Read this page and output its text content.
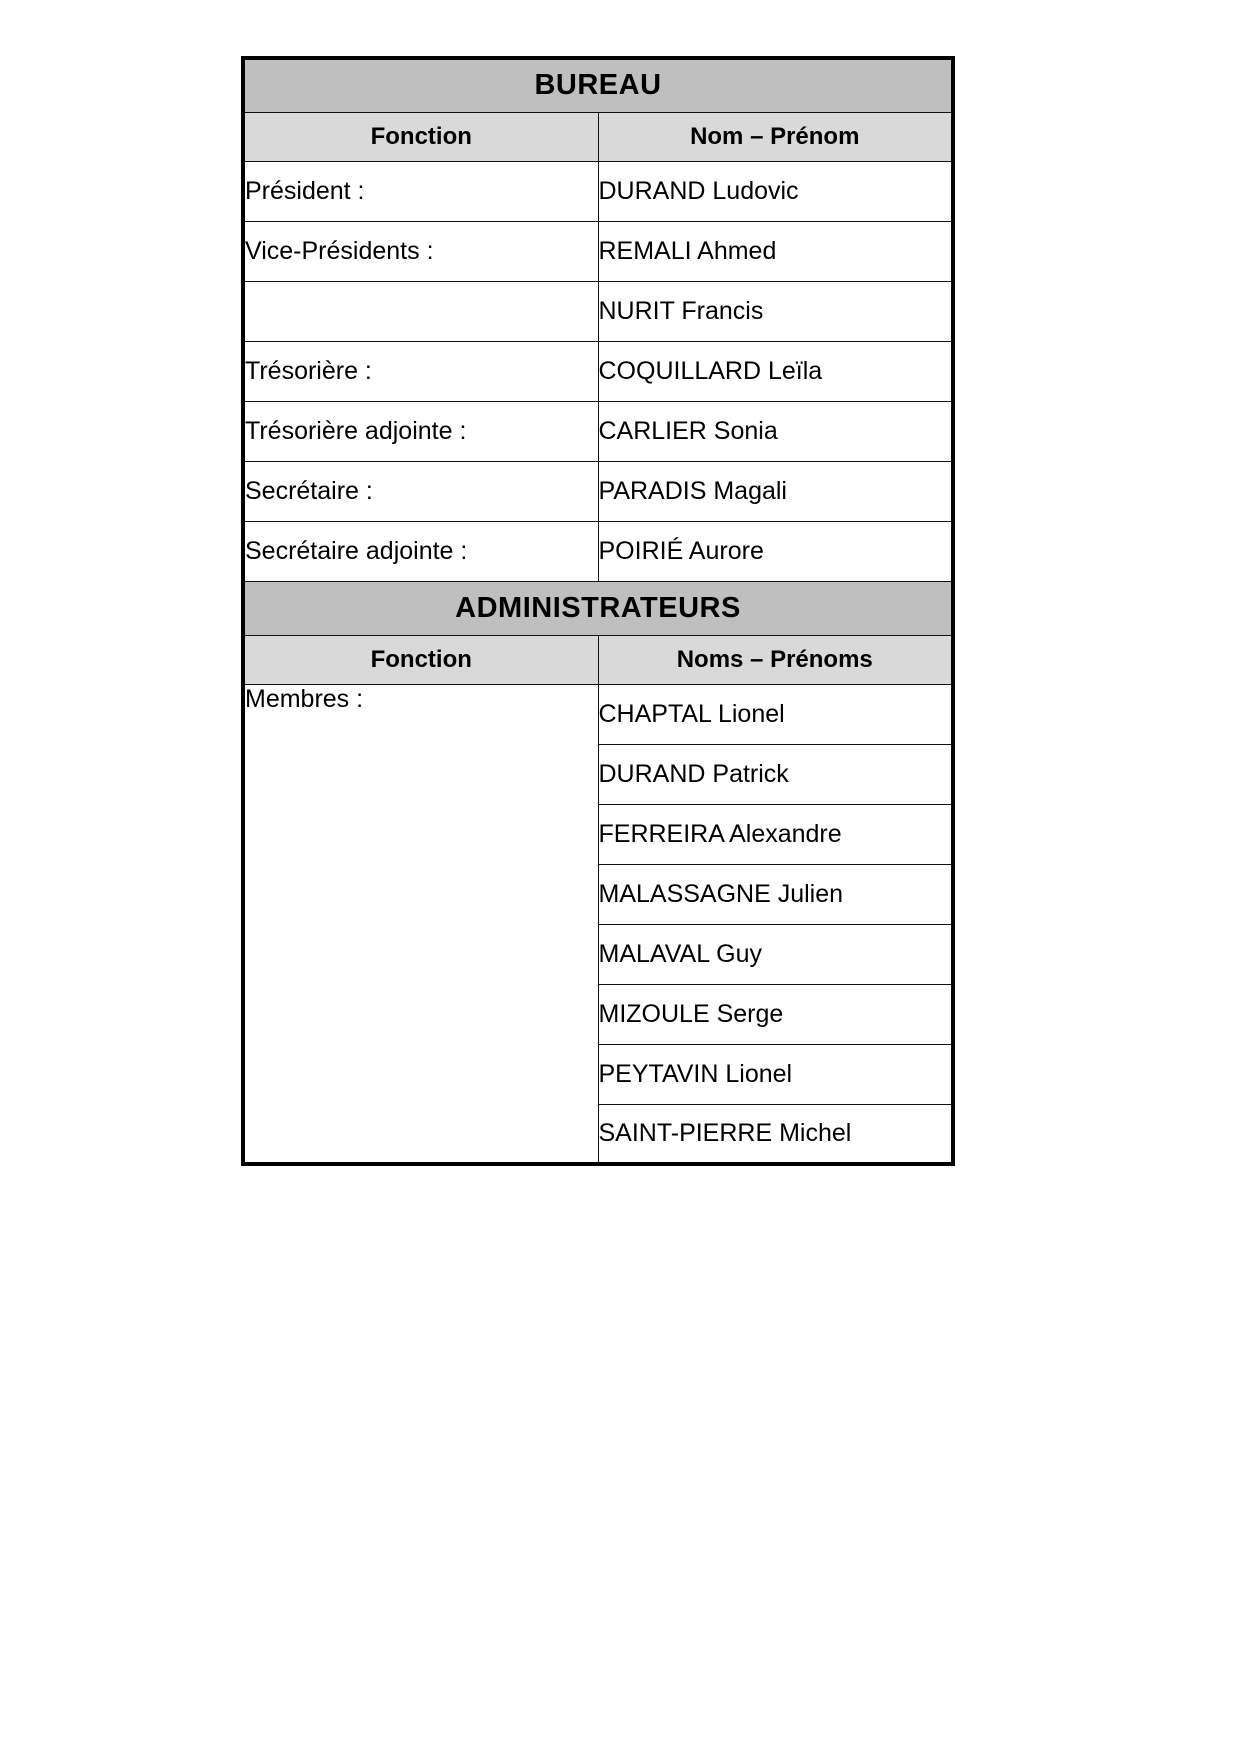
BUREAU	
Fonction	Nom – Prénom
Président :	DURAND Ludovic
Vice-Présidents :	REMALI Ahmed
	NURIT Francis
Trésorière :	COQUILLARD Leïla
Trésorière adjointe :	CARLIER Sonia
Secrétaire :	PARADIS Magali
Secrétaire adjointe :	POIRIÉ Aurore
ADMINISTRATEURS	
Fonction	Noms – Prénoms
Membres :	CHAPTAL Lionel
	DURAND Patrick
	FERREIRA Alexandre
	MALASSAGNE Julien
	MALAVAL Guy
	MIZOULE Serge
	PEYTAVIN Lionel
	SAINT-PIERRE Michel
